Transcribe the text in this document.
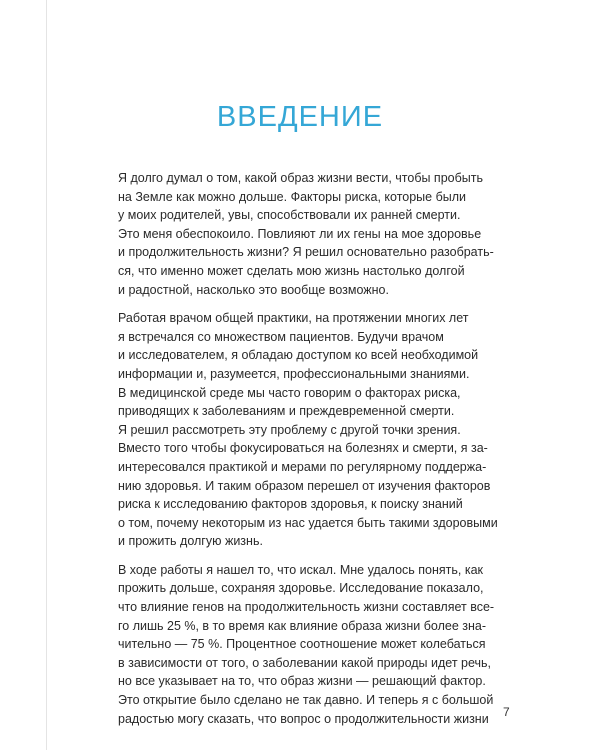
ВВЕДЕНИЕ

Я долго думал о том, какой образ жизни вести, чтобы пробыть
на Земле как можно дольше. Факторы риска, которые были
у моих родителей, увы, способствовали их ранней смерти.
Это меня обеспокоило. Повлияют ли их гены на мое здоровье
и продолжительность жизни? Я решил основательно разобрать-
ся, что именно может сделать мою жизнь настолько долгой
и радостной, насколько это вообще возможно.

Работая врачом общей практики, на протяжении многих лет
я встречался со множеством пациентов. Будучи врачом
и исследователем, я обладаю доступом ко всей необходимой
информации и, разумеется, профессиональными знаниями.
В медицинской среде мы часто говорим о факторах риска,
приводящих к заболеваниям и преждевременной смерти.
Я решил рассмотреть эту проблему с другой точки зрения.
Вместо того чтобы фокусироваться на болезнях и смерти, я за-
интересовался практикой и мерами по регулярному поддержа-
нию здоровья. И таким образом перешел от изучения факторов
риска к исследованию факторов здоровья, к поиску знаний
о том, почему некоторым из нас удается быть такими здоровыми
и прожить долгую жизнь.

В ходе работы я нашел то, что искал. Мне удалось понять, как
прожить дольше, сохраняя здоровье. Исследование показало,
что влияние генов на продолжительность жизни составляет все-
го лишь 25 %, в то время как влияние образа жизни более зна-
чительно — 75 %. Процентное соотношение может колебаться
в зависимости от того, о заболевании какой природы идет речь,
но все указывает на то, что образ жизни — решающий фактор.
Это открытие было сделано не так давно. И теперь я с большой
радостью могу сказать, что вопрос о продолжительности жизни	7
